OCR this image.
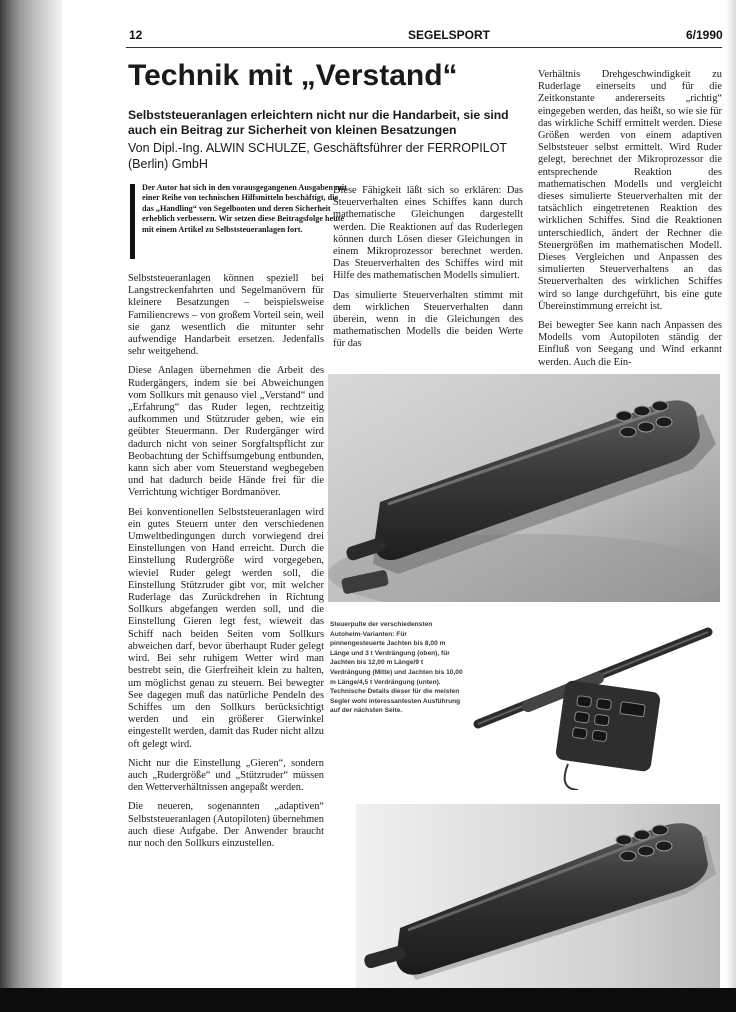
12	SEGELSPORT	6/1990
Technik mit „Verstand“
Selbststeueranlagen erleichtern nicht nur die Handarbeit, sie sind auch ein Beitrag zur Sicherheit von kleinen Besatzungen
Von Dipl.-Ing. ALWIN SCHULZE, Geschäftsführer der FERROPILOT (Berlin) GmbH
Der Autor hat sich in den vorausgegangenen Ausgaben mit einer Reihe von technischen Hilfsmitteln beschäftigt, die das „Handling“ von Segelbooten und deren Sicherheit erheblich verbessern. Wir setzen diese Beitragsfolge heute mit einem Artikel zu Selbststeueranlagen fort.

Selbststeueranlagen können speziell bei Langstreckenfahrten und Segelmanövern für kleinere Besatzungen – beispielsweise Familiencrews – von großem Vorteil sein, weil sie ganz wesentlich die mitunter sehr aufwendige Handarbeit ersetzen. Jedenfalls sehr weitgehend.

Diese Anlagen übernehmen die Arbeit des Rudergängers, indem sie bei Abweichungen vom Sollkurs mit genauso viel „Verstand“ und „Erfahrung“ das Ruder legen, rechtzeitig aufkommen und Stützruder geben, wie ein geübter Steuermann. Der Rudergänger wird dadurch nicht von seiner Sorgfaltspflicht zur Beobachtung der Schiffsumgebung entbunden, kann sich aber vom Steuerstand wegbegeben und hat dadurch beide Hände frei für die Verrichtung wichtiger Bordmanöver.

Bei konventionellen Selbststeueranlagen wird ein gutes Steuern unter den verschiedenen Umweltbedingungen durch vorwiegend drei Einstellungen von Hand erreicht. Durch die Einstellung Rudergröße wird vorgegeben, wieviel Ruder gelegt werden soll, die Einstellung Stützruder gibt vor, mit welcher Ruderlage das Zurückdrehen in Richtung Sollkurs abgefangen werden soll, und die Einstellung Gieren legt fest, wieweit das Schiff nach beiden Seiten vom Sollkurs abweichen darf, bevor überhaupt Ruder gelegt wird. Bei sehr ruhigem Wetter wird man bestrebt sein, die Gierfreiheit klein zu halten, um möglichst genau zu steuern. Bei bewegter See dagegen muß das natürliche Pendeln des Schiffes um den Sollkurs berücksichtigt werden und ein größerer Gierwinkel eingestellt werden, damit das Ruder nicht allzu oft gelegt wird.

Nicht nur die Einstellung „Gieren“, sondern auch „Rudergröße“ und „Stützruder“ müssen den Wetterverhältnissen angepaßt werden.

Die neueren, sogenannten „adaptiven“ Selbststeueranlagen (Autopiloten) übernehmen auch diese Aufgabe. Der Anwender braucht nur noch den Sollkurs einzustellen.

Diese Fähigkeit läßt sich so erklären: Das Steuerverhalten eines Schiffes kann durch mathematische Gleichungen dargestellt werden. Die Reaktionen auf das Ruderlegen können durch Lösen dieser Gleichungen in einem Mikroprozessor berechnet werden. Das Steuerverhalten des Schiffes wird mit Hilfe des mathematischen Modells simuliert.

Das simulierte Steuerverhalten stimmt mit dem wirklichen Steuerverhalten dann überein, wenn in die Gleichungen des mathematischen Modells die beiden Werte für das

Verhältnis Drehgeschwindigkeit zu Ruderlage einerseits und für die Zeitkonstante andererseits „richtig“ eingegeben werden, das heißt, so wie sie für das wirkliche Schiff ermittelt werden. Diese Größen werden von einem adaptiven Selbststeuer selbst ermittelt. Wird Ruder gelegt, berechnet der Mikroprozessor die entsprechende Reaktion des mathematischen Modells und vergleicht dieses simulierte Steuerverhalten mit der tatsächlich eingetretenen Reaktion des wirklichen Schiffes. Sind die Reaktionen unterschiedlich, ändert der Rechner die Steuergrößen im mathematischen Modell. Dieses Vergleichen und Anpassen des simulierten Steuerverhaltens an das Steuerverhalten des wirklichen Schiffes wird so lange durchgeführt, bis eine gute Übereinstimmung erreicht ist.

Bei bewegter See kann nach Anpassen des Modells vom Autopiloten ständig der Einfluß von Seegang und Wind erkannt werden. Auch die Ein-

Steuerpulte der verschiedensten Autohelm-Varianten: Für pinnengesteuerte Jachten bis 8,00 m Länge und 3 t Verdrängung (oben), für Jachten bis 12,00 m Länge/9 t Verdrängung (Mitte) und Jachten bis 10,00 m Länge/4,5 t Verdrängung (unten). Technische Details dieser für die meisten Segler wohl interessantesten Ausführung auf der nächsten Seite.
